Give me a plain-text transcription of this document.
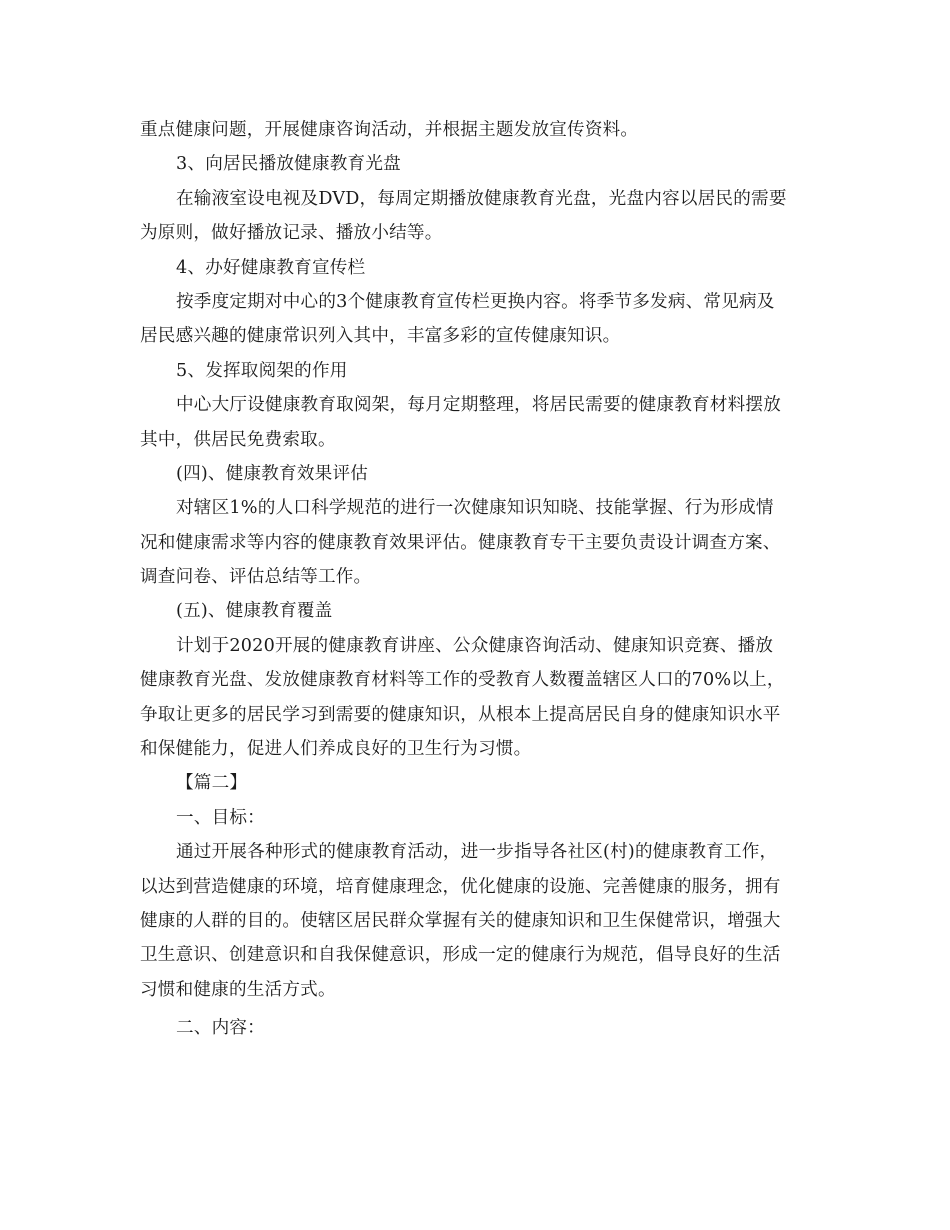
重点健康问题，开展健康咨询活动，并根据主题发放宣传资料。
3、向居民播放健康教育光盘
在输液室设电视及DVD，每周定期播放健康教育光盘，光盘内容以居民的需要
为原则，做好播放记录、播放小结等。
4、办好健康教育宣传栏
按季度定期对中心的3个健康教育宣传栏更换内容。将季节多发病、常见病及
居民感兴趣的健康常识列入其中，丰富多彩的宣传健康知识。
5、发挥取阅架的作用
中心大厅设健康教育取阅架，每月定期整理，将居民需要的健康教育材料摆放
其中，供居民免费索取。
(四)、健康教育效果评估
对辖区1%的人口科学规范的进行一次健康知识知晓、技能掌握、行为形成情
况和健康需求等内容的健康教育效果评估。健康教育专干主要负责设计调查方案、
调查问卷、评估总结等工作。
(五)、健康教育覆盖
计划于2020开展的健康教育讲座、公众健康咨询活动、健康知识竞赛、播放
健康教育光盘、发放健康教育材料等工作的受教育人数覆盖辖区人口的70%以上，
争取让更多的居民学习到需要的健康知识，从根本上提高居民自身的健康知识水平
和保健能力，促进人们养成良好的卫生行为习惯。
【篇二】
一、目标：
通过开展各种形式的健康教育活动，进一步指导各社区(村)的健康教育工作，
以达到营造健康的环境，培育健康理念，优化健康的设施、完善健康的服务，拥有
健康的人群的目的。使辖区居民群众掌握有关的健康知识和卫生保健常识，增强大
卫生意识、创建意识和自我保健意识，形成一定的健康行为规范，倡导良好的生活
习惯和健康的生活方式。
二、内容：
